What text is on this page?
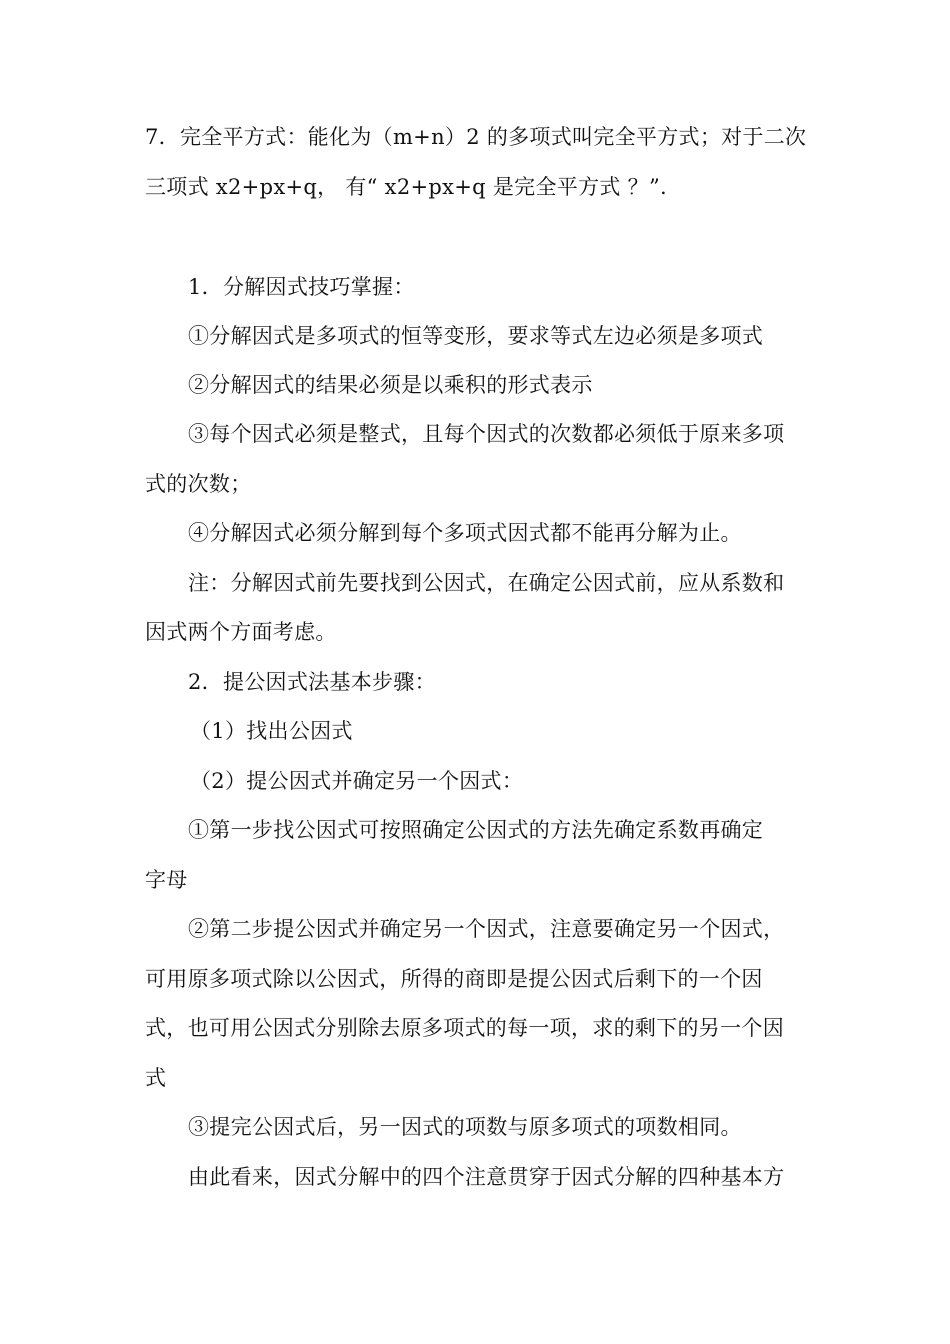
7．完全平方式：能化为（m+n）2 的多项式叫完全平方式；对于二次
三项式 x2+px+q， 有“ x2+px+q 是完全平方式 ？”.
1．分解因式技巧掌握：
①分解因式是多项式的恒等变形，要求等式左边必须是多项式
②分解因式的结果必须是以乘积的形式表示
③每个因式必须是整式，且每个因式的次数都必须低于原来多项
式的次数；
④分解因式必须分解到每个多项式因式都不能再分解为止。
注：分解因式前先要找到公因式，在确定公因式前，应从系数和
因式两个方面考虑。
2．提公因式法基本步骤：
（1）找出公因式
（2）提公因式并确定另一个因式：
①第一步找公因式可按照确定公因式的方法先确定系数再确定
字母
②第二步提公因式并确定另一个因式，注意要确定另一个因式，
可用原多项式除以公因式，所得的商即是提公因式后剩下的一个因
式，也可用公因式分别除去原多项式的每一项，求的剩下的另一个因
式
③提完公因式后，另一因式的项数与原多项式的项数相同。
由此看来，因式分解中的四个注意贯穿于因式分解的四种基本方
